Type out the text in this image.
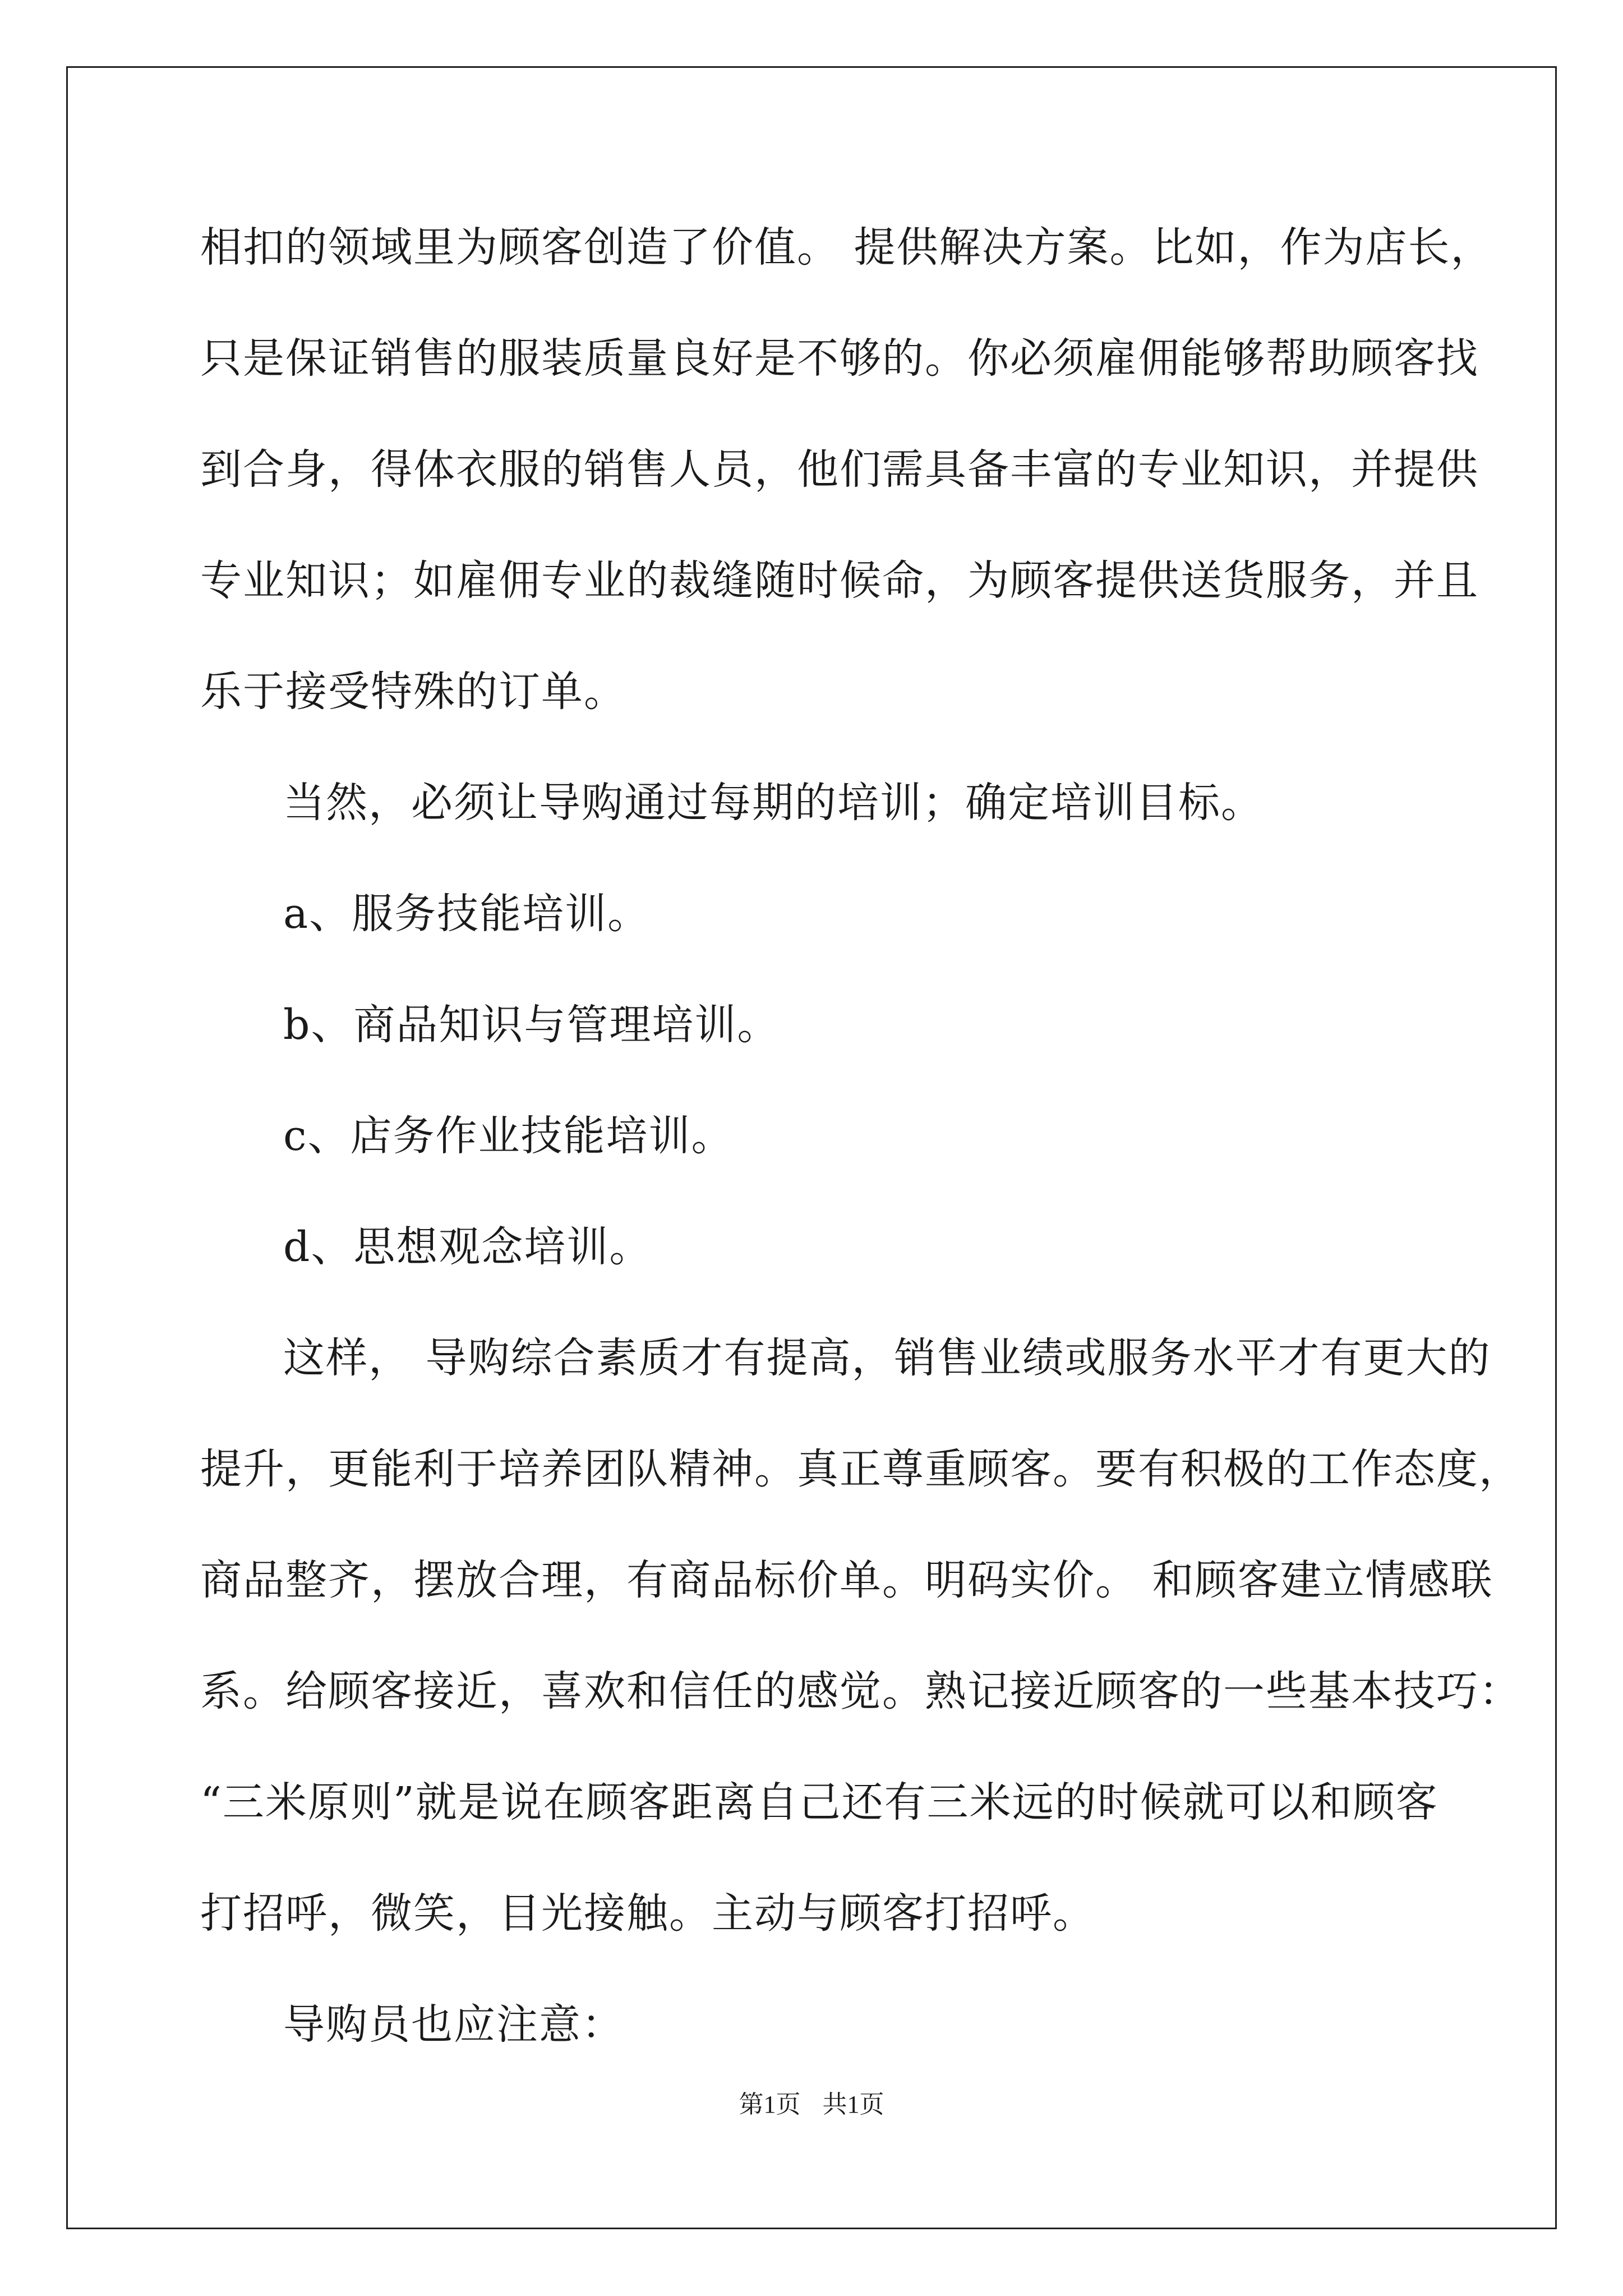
相扣的领域里为顾客创造了价值。 提供解决方案。比如，作为店长，
只是保证销售的服装质量良好是不够的。你必须雇佣能够帮助顾客找
到合身，得体衣服的销售人员，他们需具备丰富的专业知识，并提供
专业知识；如雇佣专业的裁缝随时候命，为顾客提供送货服务，并且
乐于接受特殊的订单。
当然，必须让导购通过每期的培训；确定培训目标。
a、服务技能培训。
b、商品知识与管理培训。
c、店务作业技能培训。
d、思想观念培训。
这样， 导购综合素质才有提高，销售业绩或服务水平才有更大的
提升，更能利于培养团队精神。真正尊重顾客。要有积极的工作态度，
商品整齐，摆放合理，有商品标价单。明码实价。 和顾客建立情感联
系。给顾客接近，喜欢和信任的感觉。熟记接近顾客的一些基本技巧：
“三米原则”就是说在顾客距离自己还有三米远的时候就可以和顾客
打招呼，微笑，目光接触。主动与顾客打招呼。
导购员也应注意：
第1页 共1页
